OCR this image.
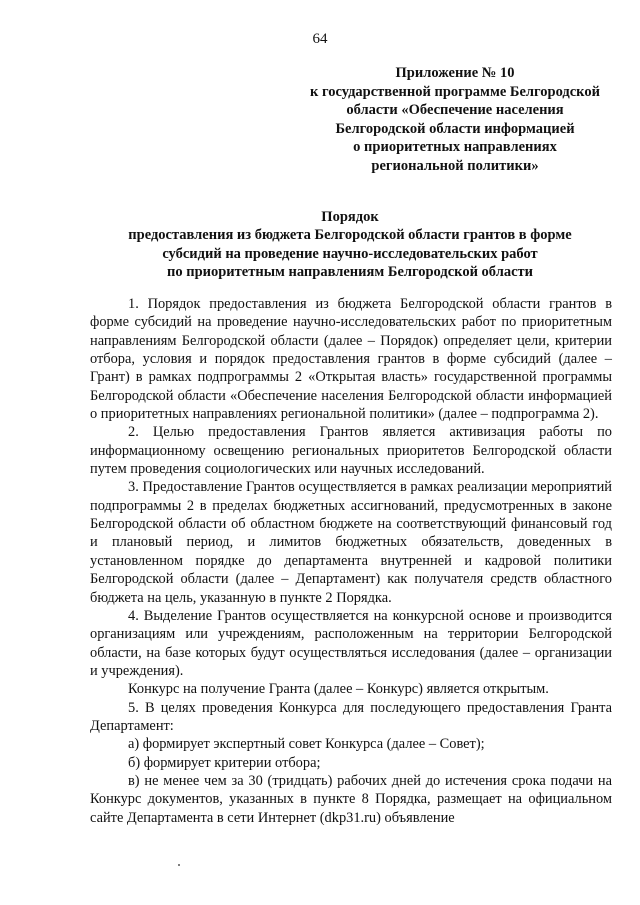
64
Приложение № 10
к государственной программе Белгородской
области «Обеспечение населения
Белгородской области информацией
о приоритетных направлениях
региональной политики»
Порядок
предоставления из бюджета Белгородской области грантов в форме
субсидий на проведение научно-исследовательских работ
по приоритетным направлениям Белгородской области

1. Порядок предоставления из бюджета Белгородской области грантов в форме субсидий на проведение научно-исследовательских работ по приоритетным направлениям Белгородской области (далее – Порядок) определяет цели, критерии отбора, условия и порядок предоставления грантов в форме субсидий (далее – Грант) в рамках подпрограммы 2 «Открытая власть» государственной программы Белгородской области «Обеспечение населения Белгородской области информацией о приоритетных направлениях региональной политики» (далее – подпрограмма 2).

2. Целью предоставления Грантов является активизация работы по информационному освещению региональных приоритетов Белгородской области путем проведения социологических или научных исследований.

3. Предоставление Грантов осуществляется в рамках реализации мероприятий подпрограммы 2 в пределах бюджетных ассигнований, предусмотренных в законе Белгородской области об областном бюджете на соответствующий финансовый год и плановый период, и лимитов бюджетных обязательств, доведенных в установленном порядке до департамента внутренней и кадровой политики Белгородской области (далее – Департамент) как получателя средств областного бюджета на цель, указанную в пункте 2 Порядка.

4. Выделение Грантов осуществляется на конкурсной основе и производится организациям или учреждениям, расположенным на территории Белгородской области, на базе которых будут осуществляться исследования (далее – организации и учреждения).

Конкурс на получение Гранта (далее – Конкурс) является открытым.

5. В целях проведения Конкурса для последующего предоставления Гранта Департамент:

а) формирует экспертный совет Конкурса (далее – Совет);

б) формирует критерии отбора;

в) не менее чем за 30 (тридцать) рабочих дней до истечения срока подачи на Конкурс документов, указанных в пункте 8 Порядка, размещает на официальном сайте Департамента в сети Интернет (dkp31.ru) объявление
